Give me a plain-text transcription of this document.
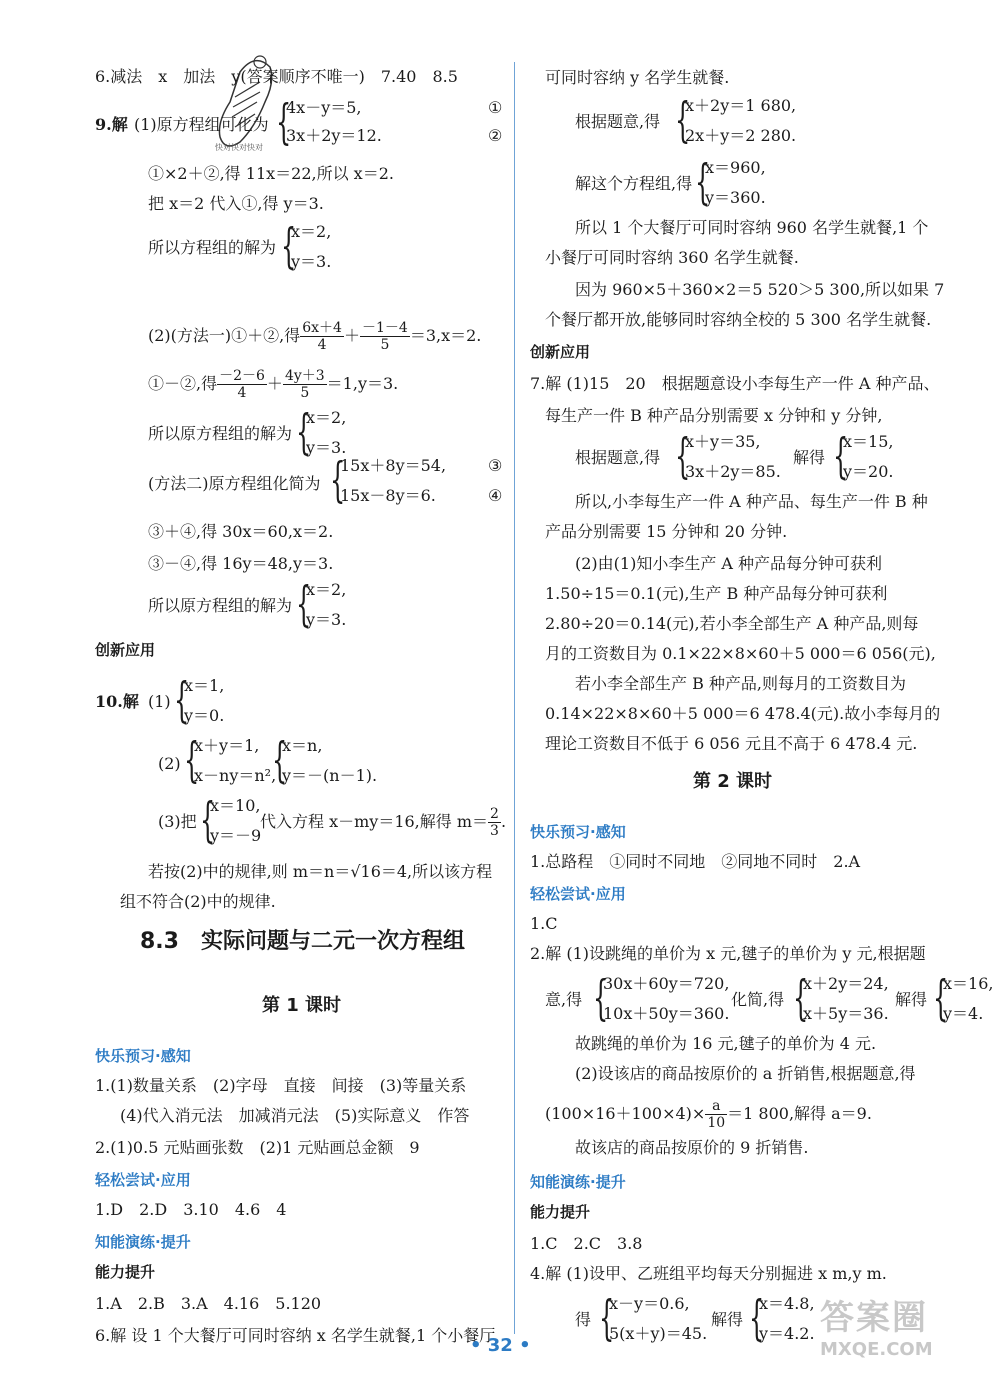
快对快对快对
6.减法　x　加法　y(答案顺序不唯一)　7.40　8.5
9.解 (1)原方程组可化为 {
4x－y＝5,
3x＋2y＝12.
①
②
①×2＋②,得 11x＝22,所以 x＝2.
把 x＝2 代入①,得 y＝3.
所以方程组的解为 {
x＝2,
y＝3.
(2)(方法一)①＋②,得 $\frac{6x+4}{4} + \frac{-1-4}{5} =3,x=2$.
①－②,得 $\frac{-2-6}{4} + \frac{4y+3}{5} =1,y=3$.
所以原方程组的解为 {
x＝2,
y＝3.
(方法二)原方程组化简为 {
15x＋8y＝54,
15x－8y＝6.
③
④
③＋④,得 30x＝60,x＝2.
③－④,得 16y＝48,y＝3.
所以原方程组的解为 {
x＝2,
y＝3.
创新应用
10.解 (1) {
x＝1,
y＝0.
(2) {
x＋y＝1,
x－ny＝n²,
{
x＝n,
y＝－(n－1).
(3)把 {
x＝10,
y＝－9
代入方程 x－my＝16,解得 $m= \frac{2}{3}$ .
若按(2)中的规律,则 m＝n＝√16＝4,所以该方程
组不符合(2)中的规律.
8.3　实际问题与二元一次方程组
第 1 课时
快乐预习·感知
1.(1)数量关系　(2)字母　直接　间接　(3)等量关系
(4)代入消元法　加减消元法　(5)实际意义　作答
2.(1)0.5 元贴画张数　(2)1 元贴画总金额　9
轻松尝试·应用
1.D　2.D　3.10　4.6　4
知能演练·提升
能力提升
1.A　2.B　3.A　4.16　5.120
6.解 设 1 个大餐厅可同时容纳 x 名学生就餐,1 个小餐厅
可同时容纳 y 名学生就餐.
根据题意,得 {
x＋2y＝1 680,
2x＋y＝2 280.
解这个方程组,得 {
x＝960,
y＝360.
所以 1 个大餐厅可同时容纳 960 名学生就餐,1 个
小餐厅可同时容纳 360 名学生就餐.
因为 960×5＋360×2＝5 520＞5 300,所以如果 7
个餐厅都开放,能够同时容纳全校的 5 300 名学生就餐.
创新应用
7.解 (1)15　20　根据题意设小李每生产一件 A 种产品、
每生产一件 B 种产品分别需要 x 分钟和 y 分钟,
根据题意,得 {
x＋y＝35,
3x＋2y＝85.
解得 {
x＝15,
y＝20.
所以,小李每生产一件 A 种产品、每生产一件 B 种
产品分别需要 15 分钟和 20 分钟.
(2)由(1)知小李生产 A 种产品每分钟可获利
1.50÷15＝0.1(元),生产 B 种产品每分钟可获利
2.80÷20＝0.14(元),若小李全部生产 A 种产品,则每
月的工资数目为 0.1×22×8×60＋5 000＝6 056(元),
若小李全部生产 B 种产品,则每月的工资数目为
0.14×22×8×60＋5 000＝6 478.4(元).故小李每月的
理论工资数目不低于 6 056 元且不高于 6 478.4 元.
第 2 课时
快乐预习·感知
1.总路程　①同时不同地　②同地不同时　2.A
轻松尝试·应用
1.C
2.解 (1)设跳绳的单价为 x 元,毽子的单价为 y 元,根据题
意,得 {
30x＋60y＝720,
10x＋50y＝360.
化简,得 {
x＋2y＝24,
x＋5y＝36.
解得 {
x＝16,
y＝4.
故跳绳的单价为 16 元,毽子的单价为 4 元.
(2)设该店的商品按原价的 a 折销售,根据题意,得
$(100\times 16+100\times 4)\times \frac{a}{10} =1$ 800,解得 a＝9.
故该店的商品按原价的 9 折销售.
知能演练·提升
能力提升
1.C　2.C　3.8
4.解 (1)设甲、乙班组平均每天分别掘进 x m,y m.
得 {
x－y＝0.6,
5(x＋y)＝45.
解得 {
x＝4.8,
y＝4.2.
• 32 •
答案圈
MXQE.COM
